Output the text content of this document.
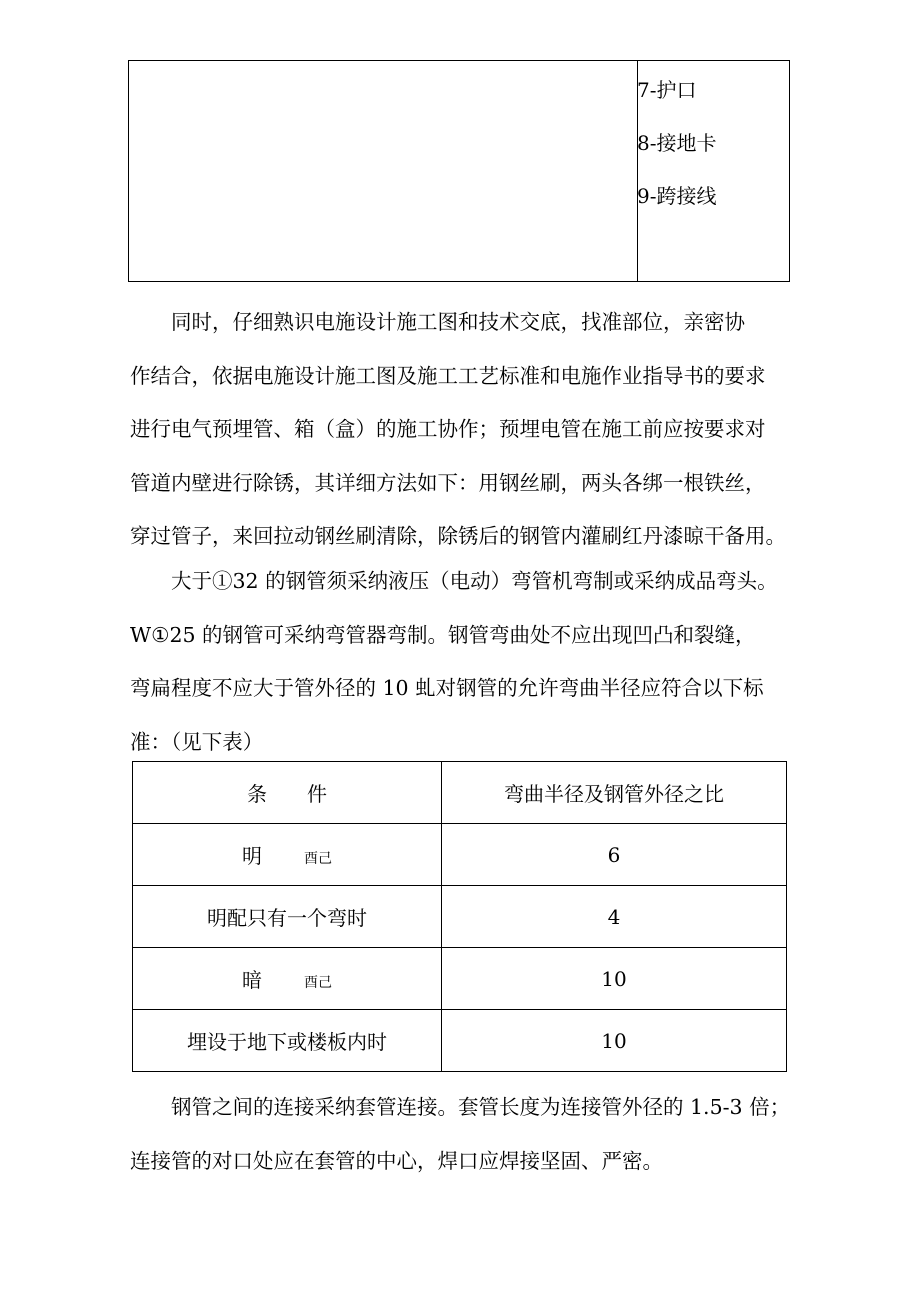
7-护口
8-接地卡
9-跨接线

同时，仔细熟识电施设计施工图和技术交底，找准部位，亲密协
作结合，依据电施设计施工图及施工工艺标准和电施作业指导书的要求
进行电气预埋管、箱（盒）的施工协作；预埋电管在施工前应按要求对
管道内壁进行除锈，其详细方法如下：用钢丝刷，两头各绑一根铁丝，
穿过管子，来回拉动钢丝刷清除，除锈后的钢管内灌刷红丹漆晾干备用。

大于①32 的钢管须采纳液压（电动）弯管机弯制或采纳成品弯头。
W①25 的钢管可采纳弯管器弯制。钢管弯曲处不应出现凹凸和裂缝，
弯扁程度不应大于管外径的 10 虬对钢管的允许弯曲半径应符合以下标
准：（见下表）

条　　件	弯曲半径及钢管外径之比
明 酉己	6
明配只有一个弯时	4
暗 酉己	10
埋设于地下或楼板内时	10

钢管之间的连接采纳套管连接。套管长度为连接管外径的 1.5-3 倍；
连接管的对口处应在套管的中心，焊口应焊接坚固、严密。
